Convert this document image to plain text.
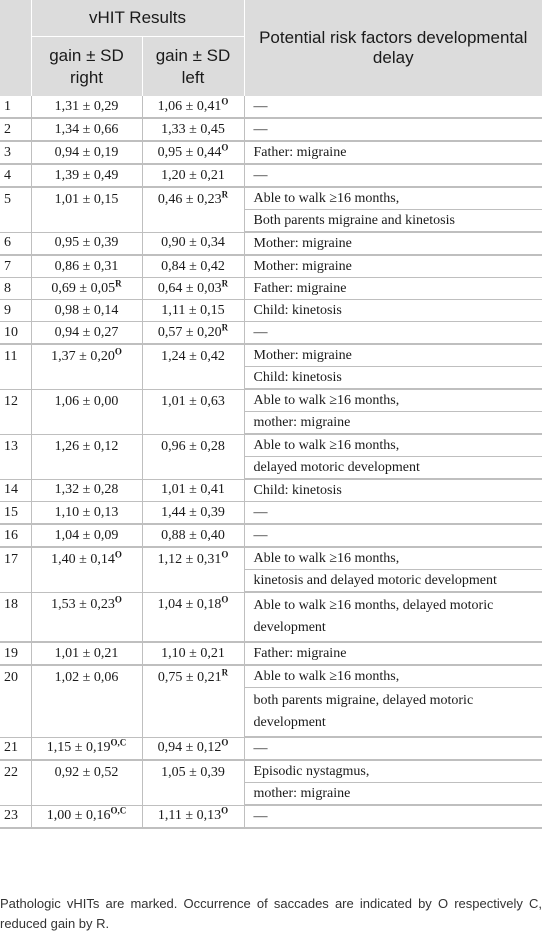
	vHIT Results		Potential risk factors developmental delay
	gain ± SD right	gain ± SD left	
1	1,31 ± 0,29	$1,06 \pm 0,41^O$	—
2	1,34 ± 0,66	1,33 ± 0,45	—
3	0,94 ± 0,19	$0,95 \pm 0,44^O$	Father: migraine
4	1,39 ± 0,49	1,20 ± 0,21	—
5	1,01 ± 0,15	$0,46 \pm 0,23^R$	Able to walk ≥16 months,
			Both parents migraine and kinetosis
6	0,95 ± 0,39	0,90 ± 0,34	Mother: migraine
7	0,86 ± 0,31	0,84 ± 0,42	Mother: migraine
8	$0,69 \pm 0,05^R$	$0,64 \pm 0,03^R$	Father: migraine
9	0,98 ± 0,14	1,11 ± 0,15	Child: kinetosis
10	0,94 ± 0,27	$0,57 \pm 0,20^R$	—
11	$1,37 \pm 0,20^O$	1,24 ± 0,42	Mother: migraine
			Child: kinetosis
12	1,06 ± 0,00	1,01 ± 0,63	Able to walk ≥16 months,
			mother: migraine
13	1,26 ± 0,12	0,96 ± 0,28	Able to walk ≥16 months,
			delayed motoric development
14	1,32 ± 0,28	1,01 ± 0,41	Child: kinetosis
15	1,10 ± 0,13	1,44 ± 0,39	—
16	1,04 ± 0,09	0,88 ± 0,40	—
17	$1,40 \pm 0,14^O$	$1,12 \pm 0,31^O$	Able to walk ≥16 months,
			kinetosis and delayed motoric development
18	$1,53 \pm 0,23^O$	$1,04 \pm 0,18^O$	Able to walk ≥16 months, delayed motoric development
19	1,01 ± 0,21	1,10 ± 0,21	Father: migraine
20	1,02 ± 0,06	$0,75 \pm 0,21^R$	Able to walk ≥16 months,
			both parents migraine, delayed motoric development
21	$1,15 \pm 0,19^{O,C}$	$0,94 \pm 0,12^O$	—
22	0,92 ± 0,52	1,05 ± 0,39	Episodic nystagmus,
			mother: migraine
23	$1,00 \pm 0,16^{O,C}$	$1,11 \pm 0,13^O$	—
Pathologic vHITs are marked. Occurrence of saccades are indicated by O respectively C, reduced gain by R.
